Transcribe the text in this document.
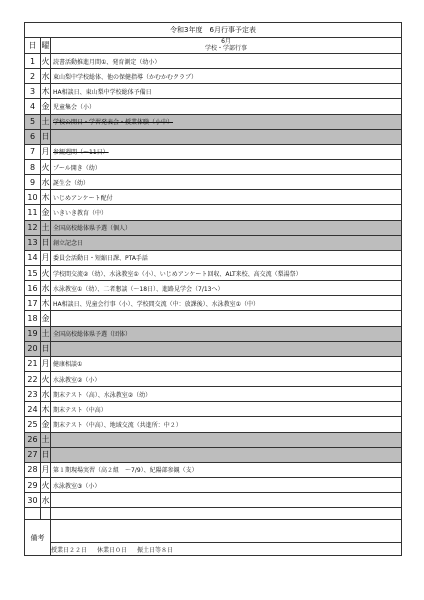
令和3年度　6月行事予定表		
日	曜	6月
学校・学部行事

1	火	読書活動推進月間①、発育測定（幼小）
2	水	東山梨中学校総体、他の保健指導（かむかむクラブ）
3	木	HA相談日、東山梨中学校総体予備日
4	金	児童集会（小）
5	土	学校公開日・学習発表会・授業体験（小中）
6	日	
7	月	参観週間（〜11日）
8	火	プール開き（幼）
9	水	誕生会（幼）
10	木	いじめアンケート配付
11	金	いきいき教育（中）
12	土	全国高校総体県予選（個人）
13	日	創立記念日
14	月	委員会活動日・短縮日課、PTA手話
15	火	学校間交流②（幼）、水泳教室①（小）、いじめアンケート回収、ALT来校、高交流（梨湯祭）
16	水	水泳教室①（幼）、二者懇談（〜18日）、進路見学会（7/13へ）
17	木	HA相談日、児童会行事（小）、学校間交流（中：放課後）、水泳教室①（中）
18	金	
19	土	全国高校総体県予選（団体）
20	日	
21	月	健康相談①
22	火	水泳教室②（小）
23	水	期末テスト（高）、水泳教室②（幼）
24	木	期末テスト（中高）
25	金	期末テスト（中高）、地域交流（共進所：中２）
26	土	
27	日	
28	月	第１期現場実習（高２組　〜7/9）、紀陽部参観（支）
29	火	水泳教室③（小）
30	水	

備考		
		授業日２２日 休業日０日 振土日等８日
